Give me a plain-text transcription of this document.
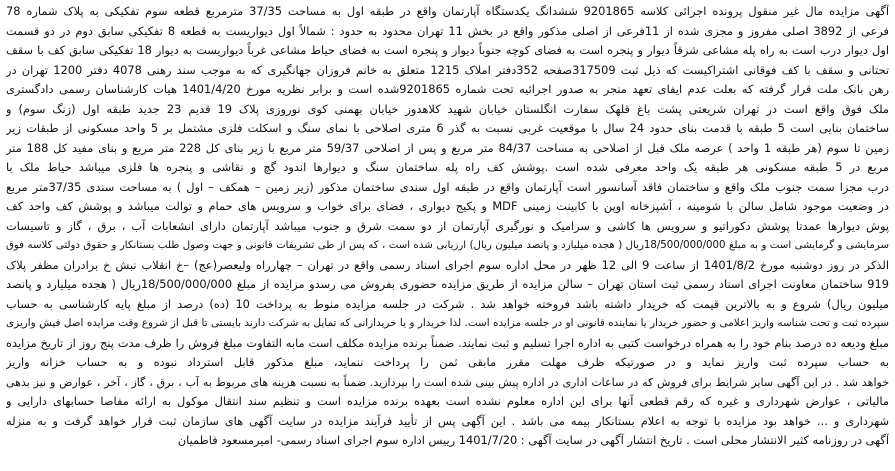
آگهی مزایده مال غیر منقول پرونده اجرائی کلاسه 9201865 ششدانگ یکدستگاه آپارتمان واقع در طبقه اول به مساحت 37/35 مترمربع قطعه سوم تفکیکی به پلاک شماره 78
فرعی از 3892 اصلی مفروز و مجزی شده از 11فرعی از اصلی مذکور واقع در بخش 11 تهران محدود به حدود : شمالاً اول دیواریست به قطعه 8 تفکیکی سابق دوم در دو قسمت
اول دیوار درب است به راه پله مشاعی شرقاً دیوار و پنجره است به فضای کوچه جنوباً دیوار و پنجره است به فضای حیاط مشاعی غرباً دیواریست به دیوار 18 تفکیکی سابق کف با سقف
تحتانی و سقف با کف فوقانی اشتراکیست که ذیل ثبت 317509صفحه 352دفتر املاک 1215 متعلق به خانم فروزان جهانگیری که به موجب سند رهنی 4078 دفتر 1200 تهران در
رهن بانک ملت قرار گرفته که بعلت عدم ایفای تعهد منجر به صدور اجرائیه تحت شماره 9201865شده است و برابر نظریه مورخ 1401/4/20 هیات کارشناسان رسمی دادگستری
ملک فوق واقع است در تهران شریعتی پشت باغ قلهک سفارت انگلستان خیابان شهید کلاهدوز خیابان بهمنی کوی نوروزی پلاک 19 قدیم 23 جدید طبقه اول (زنگ سوم) و
ساختمان بنایی است 5 طبقه با قدمت بنای حدود 24 سال با موقعیت غربی نسبت به گذر 6 متری اصلاحی با نمای سنگ و اسکلت فلزی مشتمل بر 5 واحد مسکونی از طبقات زیر
زمین تا سوم (هر طبقه 1 واحد ) عرصه ملک قبل از اصلاحی به مساحت 84/37 متر مربع و پس از اصلاحی 59/37 متر مربع با زیر بنای کل 228 متر مربع و بنای مفید کل 188 متر
مربع در 5 طبقه مسکونی هر طبقه یک واحد معرفی شده است .پوشش کف راه پله ساختمان سنگ و دیوارها اندود گچ و نقاشی و پنجره ها فلزی میباشد حیاط ملک با
درب مجزا سمت جنوب ملک واقع و ساختمان فاقد آسانسور است آپارتمان واقع در طبقه اول سندی ساختمان مذکور (زیر زمین – همکف – اول ) به مساحت سندی 37/35متر مربع
در وضعیت موجود شامل سالن با شومینه ، آشپزخانه اوپن با کابینت زمینی MDF و پکیج دیواری ، فضای برای خواب و سرویس های حمام و توالت میباشد و پوشش کف واحد کف
پوش دیوارها عمدتا پوشش دکوراتیو و سرویس ها کاشی و سرامیک و نورگیری آپارتمان از دو سمت شرق و جنوب میباشد آپارتمان دارای انشعابات آب ، برق ، گاز و تاسیسات
سرمایشی و گرمایشی است و به مبلغ 18/500/000/000ریال ( هجده میلیارد و پانصد میلیون ریال) ارزیابی شده است ، که پس از طی تشریفات قانونی و جهت وصول طلب بستانکار و حقوق دولتی کلاسه فوق
الذکر در روز دوشنبه مورخ 1401/8/2 از ساعت 9 الی 12 ظهر در محل اداره سوم اجرای اسناد رسمی واقع در تهران – چهارراه ولیعصر(عج) –خ انقلاب نبش خ برادران مظفر پلاک
919 ساختمان معاونت اجرای اسناد رسمی ثبت استان تهران – سالن مزایده از طریق مزایده حضوری بفروش می رسدو مزایده از مبلغ 18/500/000/000ریال ( هجده میلیارد و پانصد
میلیون ریال) شروع و به بالاترین قیمت که خریدار داشته باشد فروخته خواهد شد . شرکت در جلسه مزایده منوط به پرداخت 10 (ده) درصد از مبلغ پایه کارشناسی به حساب
سپرده ثبت و تحت شناسه واریز اعلامی و حضور خریدار یا نماینده قانونی او در جلسه مزایده است. لذا خریدار و یا خریدارانی که تمایل به شرکت دارند بایستی تا قبل از شروع وقت مزایده اصل فیش واریزی
مبلغ ودیعه ده درصد بنام خود را به همراه درخواست کتبی به اداره اجرا تسلیم و ثبت نمایند. ضمناً برنده مزایده مکلف است مابه التفاوت مبلغ فروش را ظرف مدت پنج روز از تاریخ مزایده
به حساب سپرده ثبت واریز نماید و در صورتیکه ظرف مهلت مقرر مابقی ثمن را پرداخت ننماید، مبلغ مذکور قابل استرداد نبوده و به حساب خزانه واریز
خواهد شد . در این آگهی سایر شرایط برای فروش که در ساعات اداری در اداره پیش بینی شده است را بپردازید. ضمناً به نسبت هزینه های مربوط به آب ، برق ، گاز ، آخر ، عوارض و نیز بدهی
مالیاتی ، عوارض شهرداری و غیره که رقم قطعی آنها برای این اداره معلوم نشده است بعهده برنده مزایده است و تنظیم سند انتقال موکول به ارائه مفاصا حسابهای دارایی و
شهرداری و ... خواهد بود مزایده با توجه به اعلام بستانکار بیمه می باشد . این آگهی پس از تأیید فرآیند مزایده در سایت آگهی های سازمان ثبت قرار خواهد گرفت و به منزله
آگهی در روزنامه کثیر الانتشار محلی است . تاریخ انتشار آگهی در سایت آگهی : 1401/7/20 رییس اداره سوم اجرای اسناد رسمی- امیرمسعود فاطمیان
